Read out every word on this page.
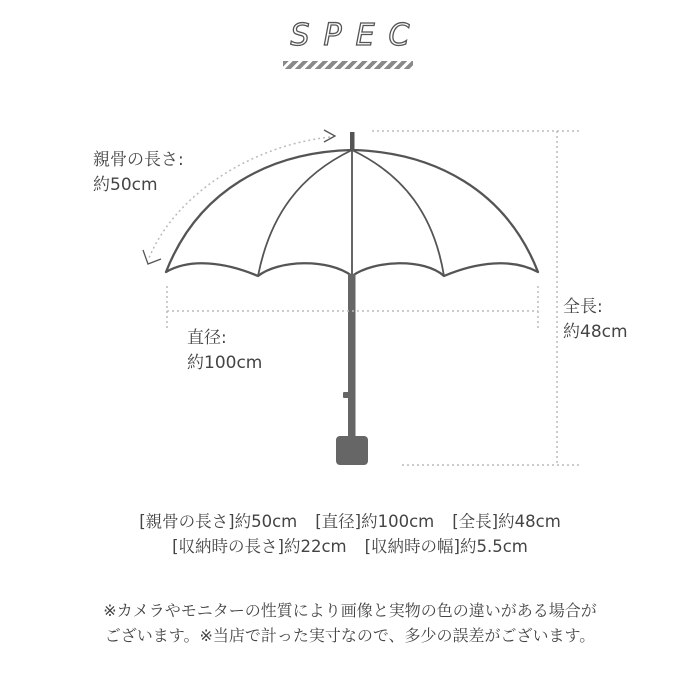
SPEC
親骨の長さ:
約50cm
直径:
約100cm
全長:
約48cm
[親骨の長さ]約50cm [直径]約100cm [全長]約48cm
[収納時の長さ]約22cm [収納時の幅]約5.5cm
※カメラやモニターの性質により画像と実物の色の違いがある場合が
ございます。※当店で計った実寸なので、多少の誤差がございます。
